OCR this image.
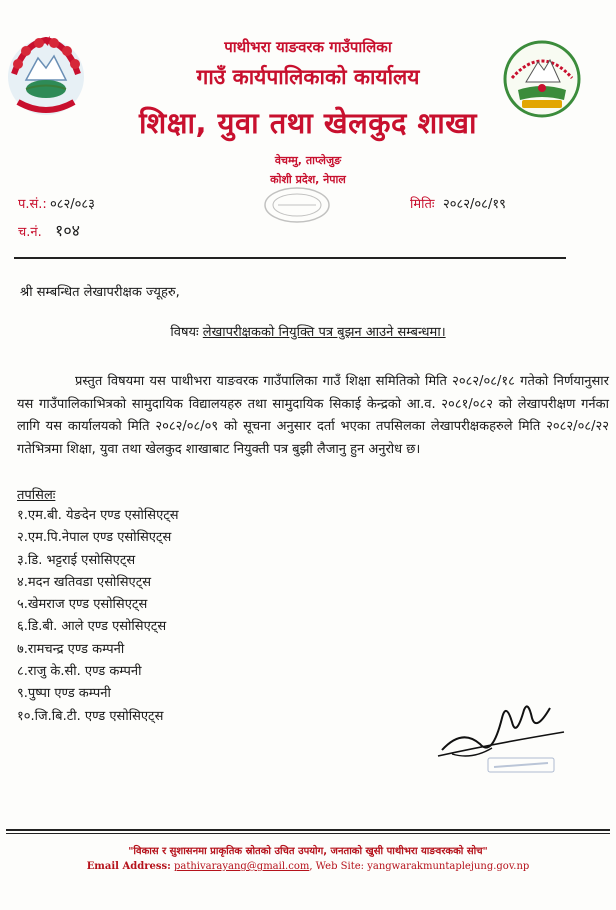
पाथीभरा याङवरक गाउँपालिका
गाउँ कार्यपालिकाको कार्यालय
शिक्षा, युवा तथा खेलकुद शाखा
वेचम्मु, ताप्लेजुङ
कोशी प्रदेश, नेपाल
प.सं.: ०८२/०८३	मितिः २०८२/०८/१९
च.नं. १०४
श्री सम्बन्धित लेखापरीक्षक ज्यूहरु,
विषयः लेखापरीक्षकको नियुक्ति पत्र बुझन आउने सम्बन्धमा।
प्रस्तुत विषयमा यस पाथीभरा याङवरक गाउँपालिका गाउँ शिक्षा समितिको मिति २०८२/०८/१८ गतेको निर्णयानुसार यस गाउँपालिकाभित्रको सामुदायिक विद्यालयहरु तथा सामुदायिक सिकाई केन्द्रको आ.व. २०८१/०८२ को लेखापरीक्षण गर्नका लागि यस कार्यालयको मिति २०८२/०८/०९ को सूचना अनुसार दर्ता भएका तपसिलका लेखापरीक्षकहरुले मिति २०८२/०८/२२ गतेभित्रमा शिक्षा, युवा तथा खेलकुद शाखाबाट नियुक्ती पत्र बुझी लैजानु हुन अनुरोध छ।
तपसिलः
१.एम.बी. येङदेन एण्ड एसोसिएट्स
२.एम.पि.नेपाल एण्ड एसोसिएट्स
३.डि. भट्टराई एसोसिएट्स
४.मदन खतिवडा एसोसिएट्स
५.खेमराज एण्ड एसोसिएट्स
६.डि.बी. आले एण्ड एसोसिएट्स
७.रामचन्द्र एण्ड कम्पनी
८.राजु के.सी. एण्ड कम्पनी
९.पुष्पा एण्ड कम्पनी
१०.जि.बि.टी. एण्ड एसोसिएट्स
"विकास र सुशासनमा प्राकृतिक स्रोतको उचित उपयोग, जनताको खुसी पाथीभरा याङवरकको सोच"
Email Address: pathivarayang@gmail.com, Web Site: yangwarakmuntaplejung.gov.np
